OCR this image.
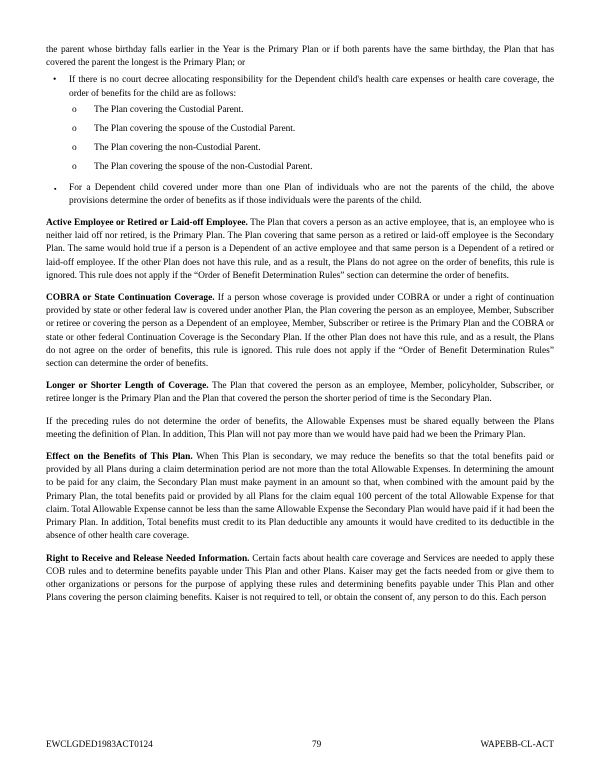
the parent whose birthday falls earlier in the Year is the Primary Plan or if both parents have the same birthday, the Plan that has covered the parent the longest is the Primary Plan; or

• If there is no court decree allocating responsibility for the Dependent child's health care expenses or health care coverage, the order of benefits for the child are as follows:
o The Plan covering the Custodial Parent.
o The Plan covering the spouse of the Custodial Parent.
o The Plan covering the non-Custodial Parent.
o The Plan covering the spouse of the non-Custodial Parent.
▪ For a Dependent child covered under more than one Plan of individuals who are not the parents of the child, the above provisions determine the order of benefits as if those individuals were the parents of the child.

Active Employee or Retired or Laid-off Employee. The Plan that covers a person as an active employee, that is, an employee who is neither laid off nor retired, is the Primary Plan. The Plan covering that same person as a retired or laid-off employee is the Secondary Plan. The same would hold true if a person is a Dependent of an active employee and that same person is a Dependent of a retired or laid-off employee. If the other Plan does not have this rule, and as a result, the Plans do not agree on the order of benefits, this rule is ignored. This rule does not apply if the “Order of Benefit Determination Rules” section can determine the order of benefits.

COBRA or State Continuation Coverage. If a person whose coverage is provided under COBRA or under a right of continuation provided by state or other federal law is covered under another Plan, the Plan covering the person as an employee, Member, Subscriber or retiree or covering the person as a Dependent of an employee, Member, Subscriber or retiree is the Primary Plan and the COBRA or state or other federal Continuation Coverage is the Secondary Plan. If the other Plan does not have this rule, and as a result, the Plans do not agree on the order of benefits, this rule is ignored. This rule does not apply if the “Order of Benefit Determination Rules” section can determine the order of benefits.

Longer or Shorter Length of Coverage. The Plan that covered the person as an employee, Member, policyholder, Subscriber, or retiree longer is the Primary Plan and the Plan that covered the person the shorter period of time is the Secondary Plan.

If the preceding rules do not determine the order of benefits, the Allowable Expenses must be shared equally between the Plans meeting the definition of Plan. In addition, This Plan will not pay more than we would have paid had we been the Primary Plan.

Effect on the Benefits of This Plan. When This Plan is secondary, we may reduce the benefits so that the total benefits paid or provided by all Plans during a claim determination period are not more than the total Allowable Expenses. In determining the amount to be paid for any claim, the Secondary Plan must make payment in an amount so that, when combined with the amount paid by the Primary Plan, the total benefits paid or provided by all Plans for the claim equal 100 percent of the total Allowable Expense for that claim. Total Allowable Expense cannot be less than the same Allowable Expense the Secondary Plan would have paid if it had been the Primary Plan. In addition, Total benefits must credit to its Plan deductible any amounts it would have credited to its deductible in the absence of other health care coverage.

Right to Receive and Release Needed Information. Certain facts about health care coverage and Services are needed to apply these COB rules and to determine benefits payable under This Plan and other Plans. Kaiser may get the facts needed from or give them to other organizations or persons for the purpose of applying these rules and determining benefits payable under This Plan and other Plans covering the person claiming benefits. Kaiser is not required to tell, or obtain the consent of, any person to do this. Each person

EWCLGDED1983ACT0124	79	WAPEBB-CL-ACT
